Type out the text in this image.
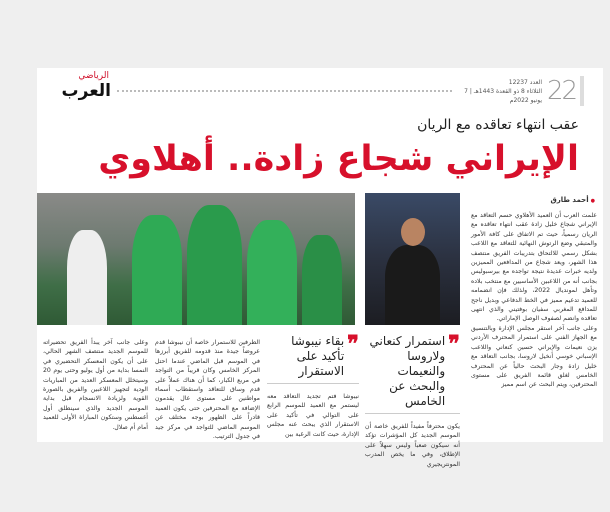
22
العدد 12237
الثلاثاء 8 ذو القعدة 1443هـ | 7 يونيو 2022م
الرياضي
العرب
عقب انتهاء تعاقده مع الريان
الإيراني شجاع زادة.. أهلاوي
● أحمد طارق
علمت العرب أن العميد الأهلاوي حسم التعاقد مع الإيراني شجاع خليل زادة عقب انتهاء تعاقده مع الريان رسمياً، حيث تم الاتفاق على كافة الأمور والمتبقي وضع الرتوش النهائية للتعاقد مع اللاعب بشكل رسمي للالتحاق بتدريبات الفريق منتصف هذا الشهر، ويعد شجاع من المدافعين المميزين ولديه خبرات عديدة نتيجة تواجده مع بيرسبوليس بجانب أنه من اللاعبين الأساسيين مع منتخب بلاده وتأهل لمونديال 2022، ولذلك فإن انضمامه للعميد تدعيم مميز في الخط الدفاعي وبديل ناجح للمدافع المغربي سفيان بوفتيني والذي انتهى تعاقده وانضم لصفوف الوصل الإماراتي.
وعلى جانب آخر استقر مجلس الإدارة وبالتنسيق مع الجهاز الفني على استمرار المحترف الأردني يزن نعيمات والإيراني حسين كنعاني واللاعب الإسباني خوسي أنخيل لاروسا، بجانب التعاقد مع خليل زادة وجار البحث حالياً عن المحترف الخامس لغلق قائمة الفريق على مستوى المحترفين، ويتم البحث عن اسم مميز
❞
استمرار كنعاني ولاروسا والنعيمات والبحث عن الخامس
يكون محترفاً مفيداً للفريق خاصة أن الموسم الجديد كل المؤشرات تؤكد أنه سيكون صعباً وليس سهلاً على الإطلاق، وفي ما يخص المدرب المونتريجيري
❞
بقاء نيبوشا تأكيد على الاستقرار
نيبوشا فتم تجديد التعاقد معه ليستمر مع العميد للموسم الرابع على التوالي في تأكيد على الاستقرار الذي يبحث عنه مجلس الإدارة، حيث كانت الرغبة بين
الطرفين للاستمرار خاصة أن نيبوشا قدم عروضاً جيدة منذ قدومه للفريق أبرزها في الموسم قبل الماضي عندما احتل المركز الخامس وكان قريباً من التواجد في مربع الكبار، كما أن هناك عملاً على قدم وساق للتعاقد واستقطاب أسماء مواطنين على مستوى عال يقدمون الإضافة مع المحترفين حتى يكون العميد قادراً على الظهور بوجه مختلف عن الموسم الماضي للتواجد في مركز جيد في جدول الترتيب.
وعلى جانب آخر يبدأ الفريق تحضيراته للموسم الجديد منتصف الشهر الحالي، على أن يكون المعسكر التحضيري في النمسا بداية من أول يوليو وحتى يوم 20 وسيتخلل المعسكر العديد من المباريات الودية لتجهيز اللاعبين والفريق بالصورة القوية ولزيادة الانسجام قبل بداية الموسم الجديد والذي سينطلق أول أغسطس وستكون المباراة الأولى للعميد أمام أم صلال.
